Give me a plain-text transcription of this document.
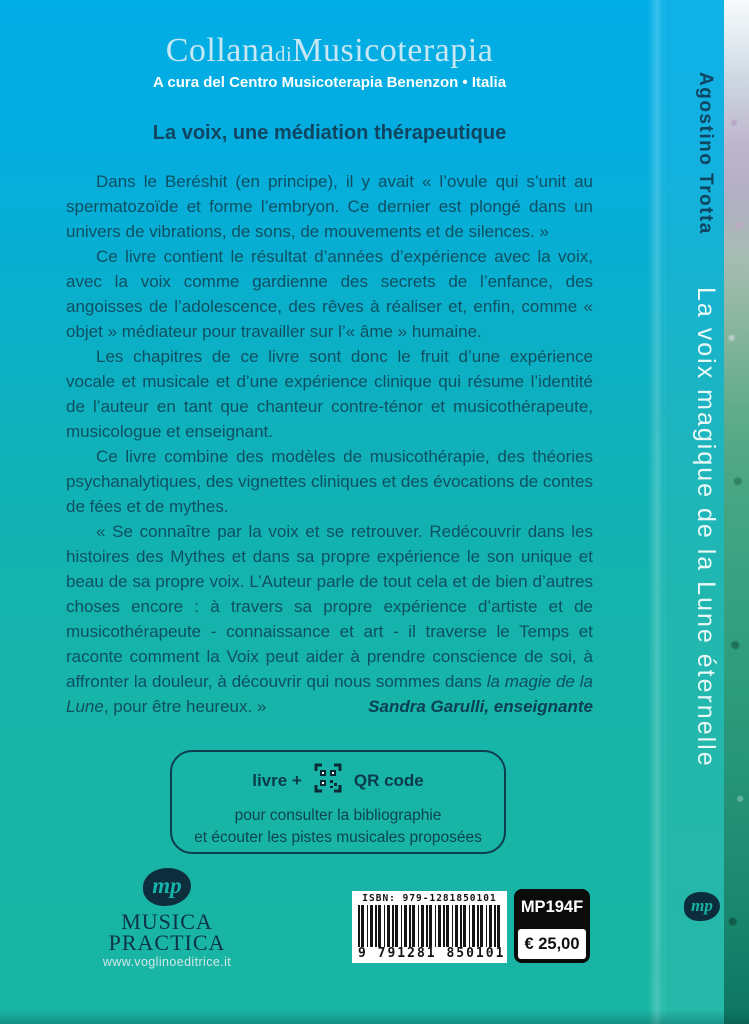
CollanadiMusicoterapia
A cura del Centro Musicoterapia Benenzon • Italia
La voix, une médiation thérapeutique

Dans le Beréshit (en principe), il y avait « l’ovule qui s’unit au spermatozoïde et forme l’embryon. Ce dernier est plongé dans un univers de vibrations, de sons, de mouvements et de silences. »

Ce livre contient le résultat d’années d’expérience avec la voix, avec la voix comme gardienne des secrets de l’enfance, des angoisses de l’adolescence, des rêves à réaliser et, enfin, comme « objet » médiateur pour travailler sur l’« âme » humaine.

Les chapitres de ce livre sont donc le fruit d’une expérience vocale et musicale et d’une expérience clinique qui résume l’identité de l’auteur en tant que chanteur contre-ténor et musicothérapeute, musicologue et enseignant.

Ce livre combine des modèles de musicothérapie, des théories psychanalytiques, des vignettes cliniques et des évocations de contes de fées et de mythes.

« Se connaître par la voix et se retrouver. Redécouvrir dans les histoires des Mythes et dans sa propre expérience le son unique et beau de sa propre voix. L’Auteur parle de tout cela et de bien d’autres choses encore : à travers sa propre expérience d’artiste et de musicothérapeute - connaissance et art - il traverse le Temps et raconte comment la Voix peut aider à prendre conscience de soi, à affronter la douleur, à découvrir qui nous sommes dans la magie de la Lune, pour être heureux. »	Sandra Garulli, enseignante
livre +	QR code
pour consulter la bibliographie
et écouter les pistes musicales proposées
mp
MUSICA
PRACTICA
www.voglinoeditrice.it
ISBN: 979-1281850101
9 791281 850101
MP194F
€ 25,00
Agostino Trotta
La voix magique de la Lune éternelle
mp
